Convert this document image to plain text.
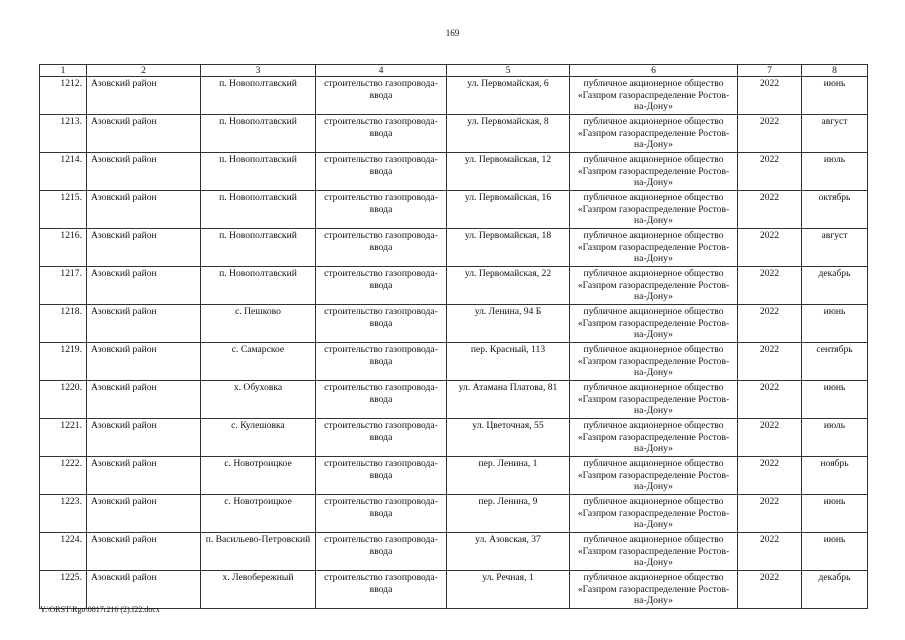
169
1	2	3	4	5	6	7	8
1212.	Азовский район	п. Новополтавский	строительство газопровода-ввода	ул. Первомайская, 6	публичное акционерное общество «Газпром газораспределение Ростов-на-Дону»	2022	июнь
1213.	Азовский район	п. Новополтавский	строительство газопровода-ввода	ул. Первомайская, 8	публичное акционерное общество «Газпром газораспределение Ростов-на-Дону»	2022	август
1214.	Азовский район	п. Новополтавский	строительство газопровода-ввода	ул. Первомайская, 12	публичное акционерное общество «Газпром газораспределение Ростов-на-Дону»	2022	июль
1215.	Азовский район	п. Новополтавский	строительство газопровода-ввода	ул. Первомайская, 16	публичное акционерное общество «Газпром газораспределение Ростов-на-Дону»	2022	октябрь
1216.	Азовский район	п. Новополтавский	строительство газопровода-ввода	ул. Первомайская, 18	публичное акционерное общество «Газпром газораспределение Ростов-на-Дону»	2022	август
1217.	Азовский район	п. Новополтавский	строительство газопровода-ввода	ул. Первомайская, 22	публичное акционерное общество «Газпром газораспределение Ростов-на-Дону»	2022	декабрь
1218.	Азовский район	с. Пешково	строительство газопровода-ввода	ул. Ленина, 94 Б	публичное акционерное общество «Газпром газораспределение Ростов-на-Дону»	2022	июнь
1219.	Азовский район	с. Самарское	строительство газопровода-ввода	пер. Красный, 113	публичное акционерное общество «Газпром газораспределение Ростов-на-Дону»	2022	сентябрь
1220.	Азовский район	х. Обуховка	строительство газопровода-ввода	ул. Атамана Платова, 81	публичное акционерное общество «Газпром газораспределение Ростов-на-Дону»	2022	июнь
1221.	Азовский район	с. Кулешовка	строительство газопровода-ввода	ул. Цветочная, 55	публичное акционерное общество «Газпром газораспределение Ростов-на-Дону»	2022	июль
1222.	Азовский район	с. Новотроицкое	строительство газопровода-ввода	пер. Ленина, 1	публичное акционерное общество «Газпром газораспределение Ростов-на-Дону»	2022	ноябрь
1223.	Азовский район	с. Новотроицкое	строительство газопровода-ввода	пер. Ленина, 9	публичное акционерное общество «Газпром газораспределение Ростов-на-Дону»	2022	июнь
1224.	Азовский район	п. Васильево-Петровский	строительство газопровода-ввода	ул. Азовская, 37	публичное акционерное общество «Газпром газораспределение Ростов-на-Дону»	2022	июнь
1225.	Азовский район	х. Левобережный	строительство газопровода-ввода	ул. Речная, 1	публичное акционерное общество «Газпром газораспределение Ростов-на-Дону»	2022	декабрь
Y:\ORST\Rgo\0817r216 (2).f22.docx
